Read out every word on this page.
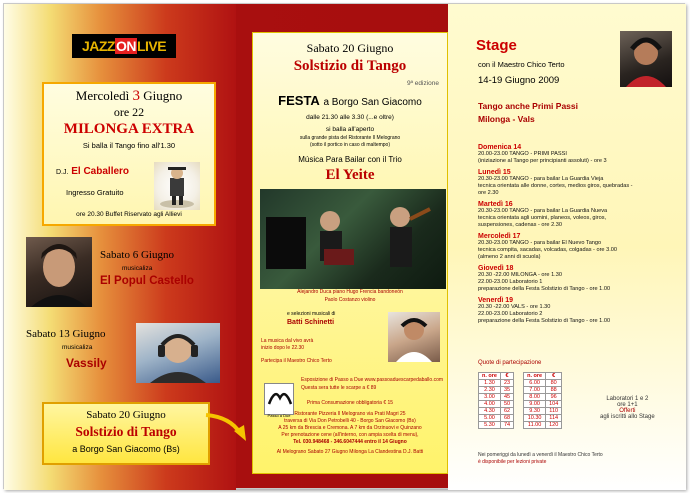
JAZZ ON LIVE
Mercoledì 3 Giugno
ore 22
MILONGA EXTRA
Si balla il Tango fino all'1.30
D.J. El Caballero
Ingresso Gratuito
ore 20.30 Buffet Riservato agli Allievi
Sabato 6 Giugno
musicaliza
El Popul Castello
Sabato 13 Giugno
musicaliza
Vassily
Sabato 20 Giugno
Solstizio di Tango
a Borgo San Giacomo (Bs)
Sabato 20 Giugno
Solstizio di Tango
9ª edizione
FESTA a Borgo San Giacomo
dalle 21.30 alle 3.30 (...e oltre)
si balla all'aperto
sulla grande pista del Ristorante Il Melograno
(sotto il portico in caso di maltempo)
Música Para Bailar con il Trio
El Yeite
Alejandro Duca piano Hugo Frencia bandoneón
Paolo Costanzo violino
e selezioni musicali di
Batti Schinetti
La musica dal vivo avrà
inizio dopo le 22.30
Partecipa il Maestro Chico Terto
Esposizione di Passo a Due www.passoaduescarpedaballo.com
Questa sera tutte le scarpe a € 89
Prima Consumazione obbligatoria € 15
Ristorante Pizzeria Il Melograno via Prati Magri 25
traversa di Via Don Petrobelli 40 - Borgo San Giacomo (Bs)
A 25 km da Brescia e Cremona. A 7 km da Orzinuovi e Quinzano
Per prenotazione cene (all'interno, con ampia scelta di menu),
Tel. 030.948468 - 346.6047444 entro il 14 Giugno
Al Melograno Sabato 27 Giugno Milonga La Clandestina D.J. Batti
Passo a Due
Stage
con il Maestro Chico Terto
14-19 Giugno 2009
Tango anche Primi Passi
Milonga - Vals
Domenica 14
20.00-23.00 TANGO - PRIMI PASSI
(iniziazione al Tango per principianti assoluti) - ore 3
Lunedì 15
20.30-23.00 TANGO - para bailar La Guardia Vieja
tecnica orientata alle donne, cortes, medios giros, quebradas -
ore 2.30
Martedì 16
20.30-23.00 TANGO - para bailar La Guardia Nueva
tecnica orientata agli uomini, planeos, voleos, giros,
suspensiones, cadenas - ore 2.30
Mercoledì 17
20.30-23.00 TANGO - para bailar El Nuevo Tango
tecnica compita, sacadas, volcadas, colgadas - ore 3.00
(almeno 2 anni di scuola)
Giovedì 18
20.30 -22.00 MILONGA - ore 1.30
22.00-23.00 Laboratorio 1
preparazione della Festa Solstizio di Tango - ore 1.00
Venerdì 19
20.30 -22.00 VALS - ore 1.30
22.00-23.00 Laboratorio 2
preparazione della Festa Solstizio di Tango - ore 1.00
Quote di partecipazione
n. ore	€		n. ore	€
1.30	23		6.00	80
2.30	35		7.00	88
3.00	45		8.00	96
4.00	50		9.00	104
4.30	62		9.30	110
5.00	68		10.30	114
5.30	74		11.00	120
Laboratori 1 e 2
ore 1+1
Offerti
agli iscritti allo Stage
Nei pomeriggi da lunedì a venerdì il Maestro Chico Terto
è disponibile per lezioni private
